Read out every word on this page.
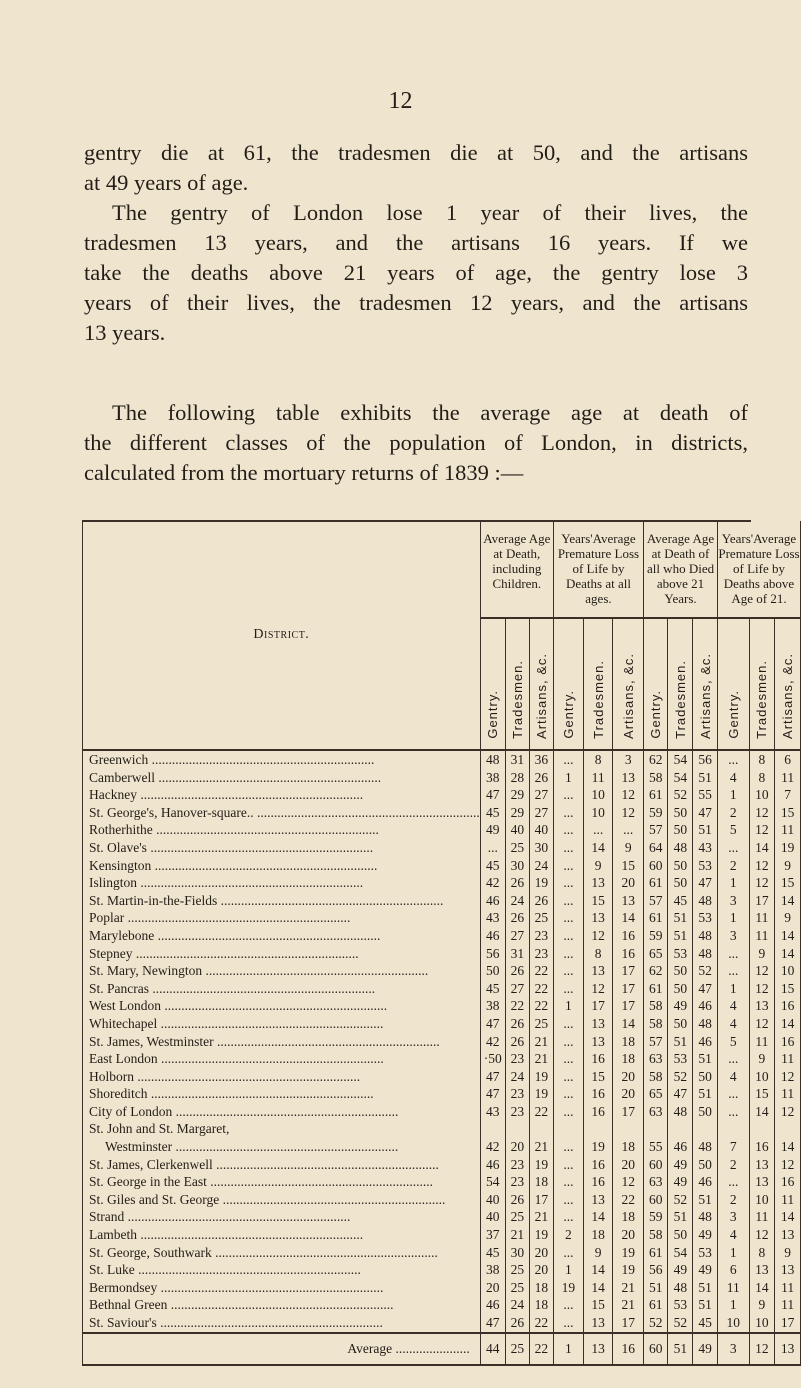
12
gentry die at 61, the tradesmen die at 50, and the artisans
at 49 years of age.
The gentry of London lose 1 year of their lives, the
tradesmen 13 years, and the artisans 16 years. If we
take the deaths above 21 years of age, the gentry lose 3
years of their lives, the tradesmen 12 years, and the artisans
13 years.
The following table exhibits the average age at death of
the different classes of the population of London, in districts,
calculated from the mortuary returns of 1839 :—
District.	Average Age at Death, including Children.			Years'Average Premature Loss of Life by Deaths at all ages.			Average Age at Death of all who Died above 21 Years.			Years'Average Premature Loss of Life by Deaths above Age of 21.		
	Gentry.	Tradesmen.	Artisans, &c.	Gentry.	Tradesmen.	Artisans, &c.	Gentry.	Tradesmen.	Artisans, &c.	Gentry.	Tradesmen.	Artisans, &c.
Greenwich .....	48	31	36	...	8	3	62	54	56	...	8	6
Camberwell .....	38	28	26	1	11	13	58	54	51	4	8	11
Hackney .....	47	29	27	...	10	12	61	52	55	1	10	7
St. George's, Hanover-square.. .....	45	29	27	...	10	12	59	50	47	2	12	15
Rotherhithe .....	49	40	40	...	...	...	57	50	51	5	12	11
St. Olave's .....	...	25	30	...	14	9	64	48	43	...	14	19
Kensington .....	45	30	24	...	9	15	60	50	53	2	12	9
Islington .....	42	26	19	...	13	20	61	50	47	1	12	15
St. Martin-in-the-Fields .....	46	24	26	...	15	13	57	45	48	3	17	14
Poplar .....	43	26	25	...	13	14	61	51	53	1	11	9
Marylebone .....	46	27	23	...	12	16	59	51	48	3	11	14
Stepney .....	56	31	23	...	8	16	65	53	48	...	9	14
St. Mary, Newington .....	50	26	22	...	13	17	62	50	52	...	12	10
St. Pancras .....	45	27	22	...	12	17	61	50	47	1	12	15
West London .....	38	22	22	1	17	17	58	49	46	4	13	16
Whitechapel .....	47	26	25	...	13	14	58	50	48	4	12	14
St. James, Westminster .....	42	26	21	...	13	18	57	51	46	5	11	16
East London .....	·50	23	21	...	16	18	63	53	51	...	9	11
Holborn .....	47	24	19	...	15	20	58	52	50	4	10	12
Shoreditch .....	47	23	19	...	16	20	65	47	51	...	15	11
City of London .....	43	23	22	...	16	17	63	48	50	...	14	12
St. John and St. Margaret,												
Westminster .....	42	20	21	...	19	18	55	46	48	7	16	14
St. James, Clerkenwell .....	46	23	19	...	16	20	60	49	50	2	13	12
St. George in the East .....	54	23	18	...	16	12	63	49	46	...	13	16
St. Giles and St. George .....	40	26	17	...	13	22	60	52	51	2	10	11
Strand .....	40	25	21	...	14	18	59	51	48	3	11	14
Lambeth .....	37	21	19	2	18	20	58	50	49	4	12	13
St. George, Southwark .....	45	30	20	...	9	19	61	54	53	1	8	9
St. Luke .....	38	25	20	1	14	19	56	49	49	6	13	13
Bermondsey .....	20	25	18	19	14	21	51	48	51	11	14	11
Bethnal Green .....	46	24	18	...	15	21	61	53	51	1	9	11
St. Saviour's .....	47	26	22	...	13	17	52	52	45	10	10	17
Average ......................	44	25	22	1	13	16	60	51	49	3	12	13
